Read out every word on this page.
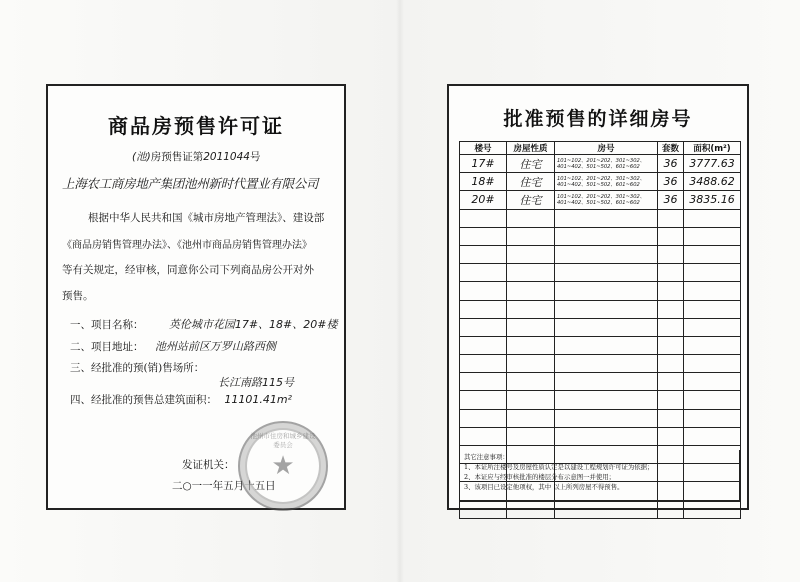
商品房预售许可证
(池)房预售证第2011044号
上海农工商房地产集团池州新时代置业有限公司
根据中华人民共和国《城市房地产管理法》、建设部
《商品房销售管理办法》、《池州市商品房销售管理办法》
等有关规定，经审核，同意你公司下列商品房公开对外
预售。
一、项目名称： 英伦城市花园17#、18#、20#楼
二、项目地址： 池州站前区万罗山路西侧
三、经批准的预(销)售场所：
长江南路115号
四、经批准的预售总建筑面积： 11101.41m²
发证机关：
二○一一年五月十五日
池州市住房和城乡建设委员会
★
批准预售的详细房号
楼号	房屋性质	房号	套数	面积(m²)
17#	住宅	101~102、201~202、301~302、401~402、501~502、601~602	36	3777.63
18#	住宅	101~102、201~202、301~302、401~402、501~502、601~602	36	3488.62
20#	住宅	101~102、201~202、301~302、401~402、501~502、601~602	36	3835.16

其它注意事项：
1、本证所注楼号及房屋性质认定是以建设工程规划许可证为依据；
2、本证应与经审核批准的楼层分布示意图一并使用；
3、该项目已设定他项权，其中 以上所列房屋不得预售。
